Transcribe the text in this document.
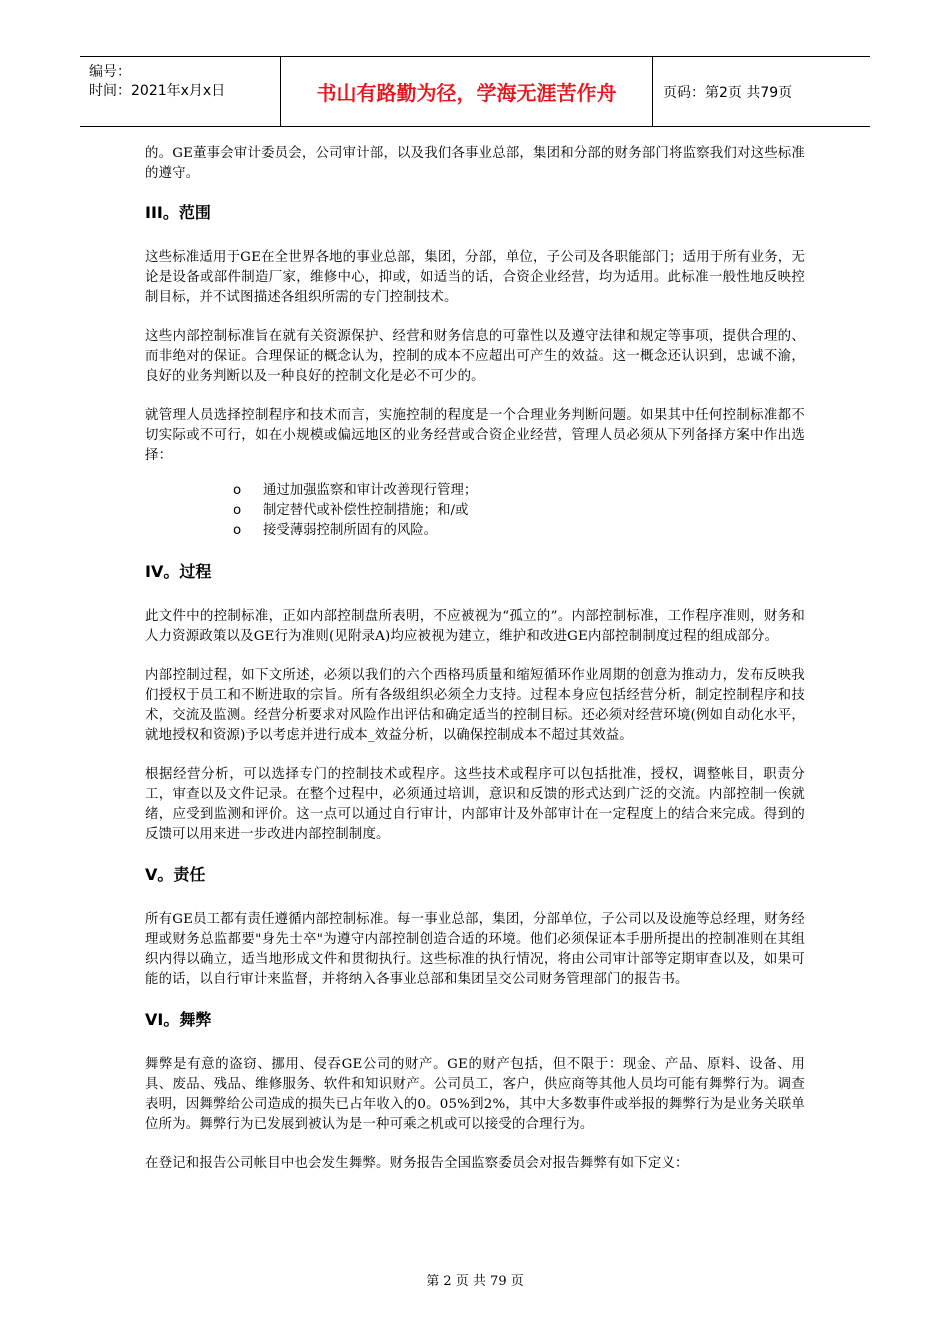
编号：
时间：2021年x月x日	书山有路勤为径，学海无涯苦作舟	页码：第2页 共79页

的。GE董事会审计委员会，公司审计部，以及我们各事业总部，集团和分部的财务部门将监察我们对这些标准的遵守。

III。范围

这些标准适用于GE在全世界各地的事业总部，集团，分部，单位，子公司及各职能部门；适用于所有业务，无论是设备或部件制造厂家，维修中心，抑或，如适当的话，合资企业经营，均为适用。此标准一般性地反映控制目标，并不试图描述各组织所需的专门控制技术。

这些内部控制标准旨在就有关资源保护、经营和财务信息的可靠性以及遵守法律和规定等事项，提供合理的、而非绝对的保证。合理保证的概念认为，控制的成本不应超出可产生的效益。这一概念还认识到，忠诚不渝，良好的业务判断以及一种良好的控制文化是必不可少的。

就管理人员选择控制程序和技术而言，实施控制的程度是一个合理业务判断问题。如果其中任何控制标准都不切实际或不可行，如在小规模或偏远地区的业务经营或合资企业经营，管理人员必须从下列备择方案中作出选择：

o	通过加强监察和审计改善现行管理；
o	制定替代或补偿性控制措施；和/或
o	接受薄弱控制所固有的风险。
IV。过程

此文件中的控制标准，正如内部控制盘所表明，不应被视为“孤立的”。内部控制标准，工作程序准则，财务和人力资源政策以及GE行为准则(见附录A)均应被视为建立，维护和改进GE内部控制制度过程的组成部分。

内部控制过程，如下文所述，必须以我们的六个西格玛质量和缩短循环作业周期的创意为推动力，发布反映我们授权于员工和不断进取的宗旨。所有各级组织必须全力支持。过程本身应包括经营分析，制定控制程序和技术，交流及监测。经营分析要求对风险作出评估和确定适当的控制目标。还必须对经营环境(例如自动化水平，就地授权和资源)予以考虑并进行成本_效益分析，以确保控制成本不超过其效益。

根据经营分析，可以选择专门的控制技术或程序。这些技术或程序可以包括批准，授权，调整帐目，职责分工，审查以及文件记录。在整个过程中，必须通过培训，意识和反馈的形式达到广泛的交流。内部控制一俟就绪，应受到监测和评价。这一点可以通过自行审计，内部审计及外部审计在一定程度上的结合来完成。得到的反馈可以用来进一步改进内部控制制度。

V。责任

所有GE员工都有责任遵循内部控制标准。每一事业总部，集团，分部单位，子公司以及设施等总经理，财务经理或财务总监都要"身先士卒"为遵守内部控制创造合适的环境。他们必须保证本手册所提出的控制准则在其组织内得以确立，适当地形成文件和贯彻执行。这些标准的执行情况，将由公司审计部等定期审查以及，如果可能的话，以自行审计来监督，并将纳入各事业总部和集团呈交公司财务管理部门的报告书。

VI。舞弊

舞弊是有意的盗窃、挪用、侵吞GE公司的财产。GE的财产包括，但不限于：现金、产品、原料、设备、用具、废品、残品、维修服务、软件和知识财产。公司员工，客户，供应商等其他人员均可能有舞弊行为。调查表明，因舞弊给公司造成的损失已占年收入的0。05%到2%，其中大多数事件或举报的舞弊行为是业务关联单位所为。舞弊行为已发展到被认为是一种可乘之机或可以接受的合理行为。

在登记和报告公司帐目中也会发生舞弊。财务报告全国监察委员会对报告舞弊有如下定义：

第 2 页 共 79 页
